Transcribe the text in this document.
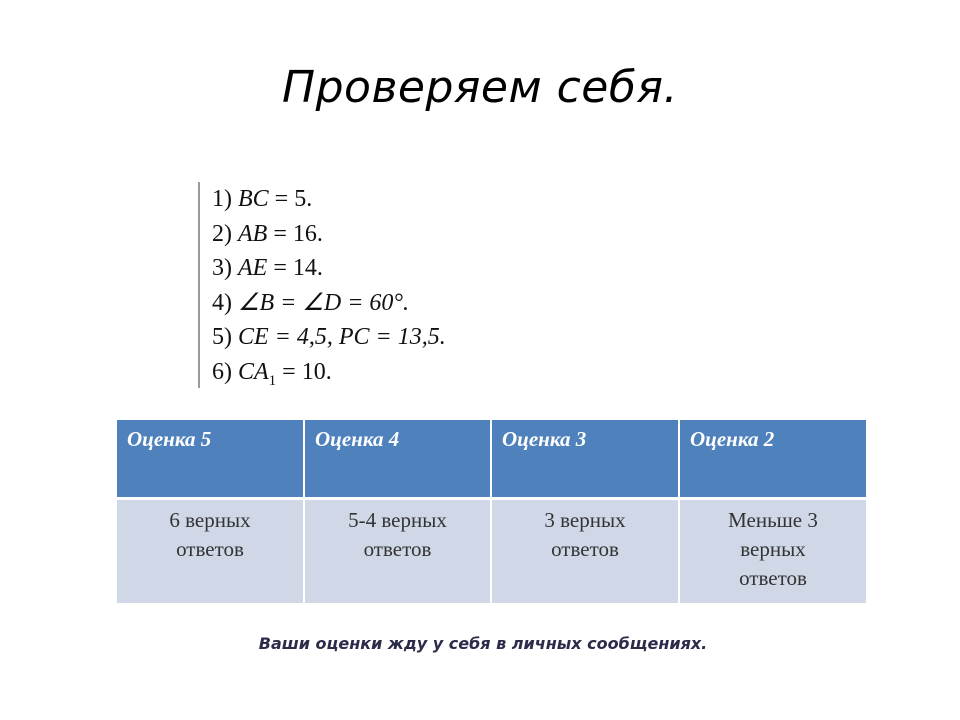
Проверяем себя.
1) BC = 5.
2) AB = 16.
3) AE = 14.
4) ∠B = ∠D = 60°.
5) CE = 4,5, PC = 13,5.
6) $CA_1 = 10$.
Оценка 5	Оценка 4	Оценка 3	Оценка 2
6 верных ответов	5-4 верных ответов	3 верных ответов	Меньше 3 верных ответов
Ваши оценки жду у себя в личных сообщениях.
